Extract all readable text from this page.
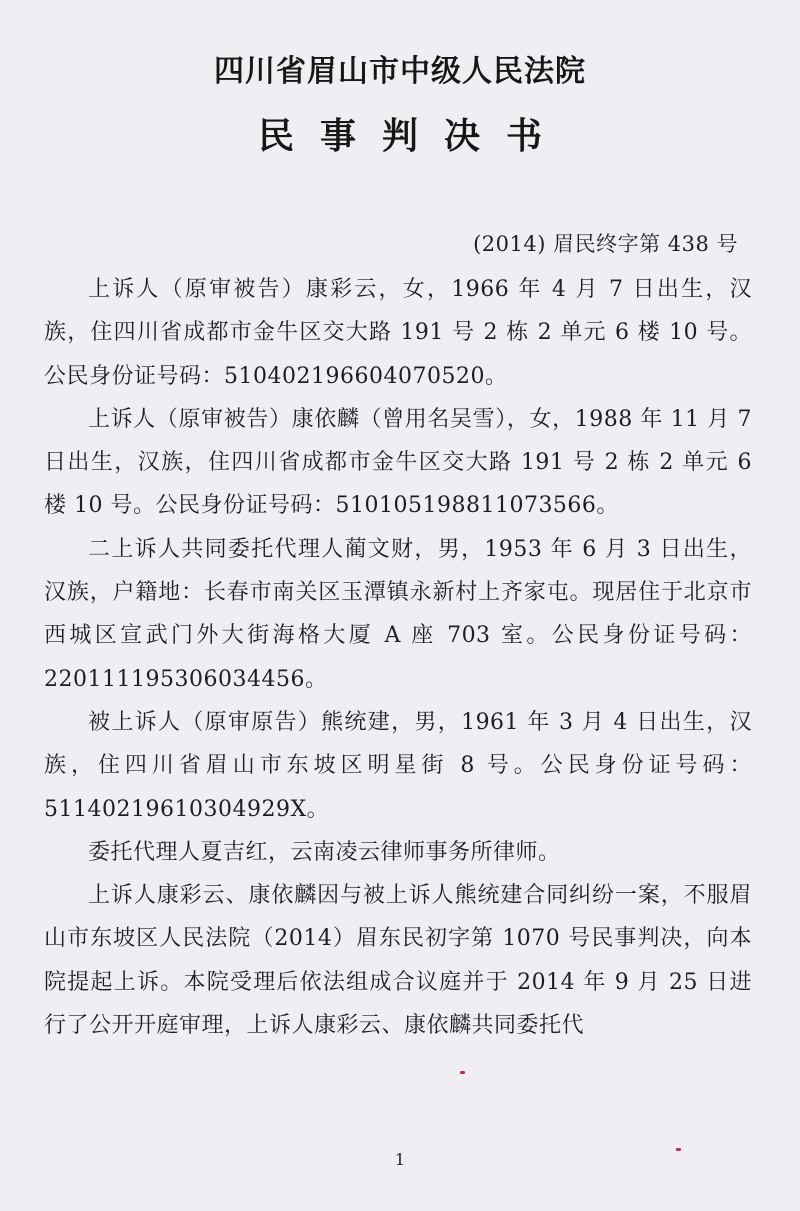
四川省眉山市中级人民法院
民事判决书
(2014) 眉民终字第 438 号

上诉人（原审被告）康彩云，女，1966 年 4 月 7 日出生，汉族，住四川省成都市金牛区交大路 191 号 2 栋 2 单元 6 楼 10 号。公民身份证号码：510402196604070520。

上诉人（原审被告）康依麟（曾用名吴雪），女，1988 年 11 月 7 日出生，汉族，住四川省成都市金牛区交大路 191 号 2 栋 2 单元 6 楼 10 号。公民身份证号码：510105198811073566。

二上诉人共同委托代理人蔺文财，男，1953 年 6 月 3 日出生，汉族，户籍地：长春市南关区玉潭镇永新村上齐家屯。现居住于北京市西城区宣武门外大街海格大厦 A 座 703 室。公民身份证号码：220111195306034456。

被上诉人（原审原告）熊统建，男，1961 年 3 月 4 日出生，汉族，住四川省眉山市东坡区明星街 8 号。公民身份证号码：51140219610304929X。

委托代理人夏吉红，云南凌云律师事务所律师。

上诉人康彩云、康依麟因与被上诉人熊统建合同纠纷一案，不服眉山市东坡区人民法院（2014）眉东民初字第 1070 号民事判决，向本院提起上诉。本院受理后依法组成合议庭并于 2014 年 9 月 25 日进行了公开开庭审理，上诉人康彩云、康依麟共同委托代

1
